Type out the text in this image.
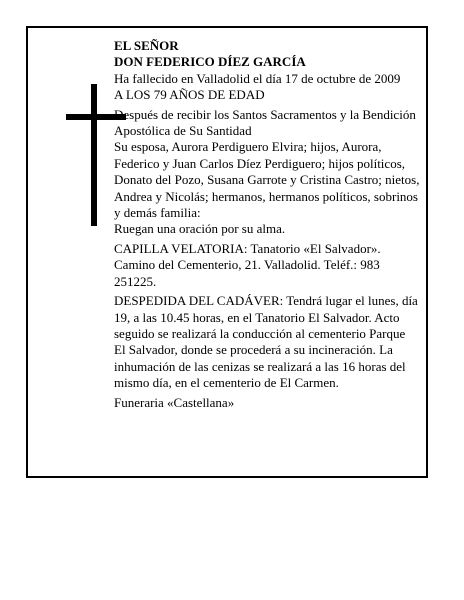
EL SEÑOR

DON FEDERICO DÍEZ GARCÍA

Ha fallecido en Valladolid el día 17 de octubre de 2009

A LOS 79 AÑOS DE EDAD

Después de recibir los Santos Sacramentos y la Bendición Apostólica de Su Santidad

Su esposa, Aurora Perdiguero Elvira; hijos, Aurora, Federico y Juan Carlos Díez Perdiguero; hijos políticos, Donato del Pozo, Susana Garrote y Cristina Castro; nietos, Andrea y Nicolás; hermanos, hermanos políticos, sobrinos y demás familia:

Ruegan una oración por su alma.

CAPILLA VELATORIA: Tanatorio «El Salvador». Camino del Cementerio, 21. Valladolid. Teléf.: 983 251225.

DESPEDIDA DEL CADÁVER: Tendrá lugar el lunes, día 19, a las 10.45 horas, en el Tanatorio El Salvador. Acto seguido se realizará la conducción al cementerio Parque El Salvador, donde se procederá a su incineración. La inhumación de las cenizas se realizará a las 16 horas del mismo día, en el cementerio de El Carmen.

Funeraria «Castellana»
